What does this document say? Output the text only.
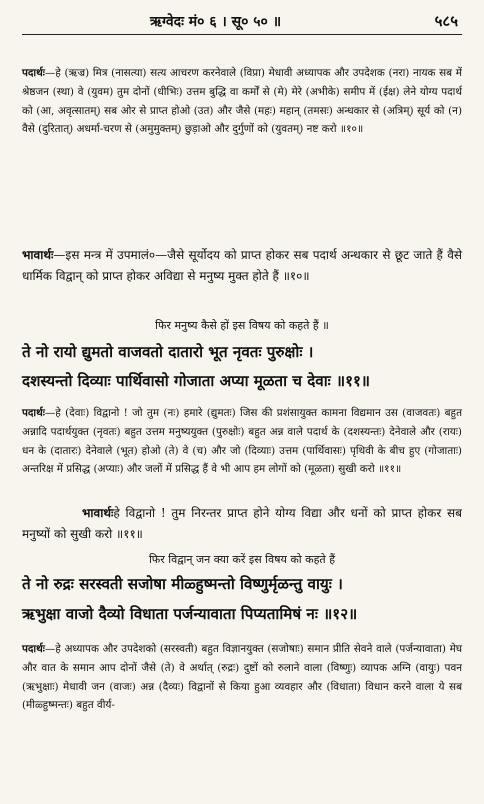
ऋग्वेदः मं० ६ । सू० ५० ॥	५८५

पदार्थः—हे (ऋज्र) मित्र (नासत्या) सत्य आचरण करनेवाले (विप्रा) मेधावी अध्यापक और उपदेशक (नरा) नायक सब में श्रेष्ठजन (स्था) वे (युवम) तुम दोनों (धीभिः) उत्तम बुद्धि वा कर्मों से (मे) मेरे (अभीके) समीप में (ईक्ष) लेने योग्य पदार्थ को (आ, अवृत्सातम्) सब ओर से प्राप्त होओ (उत) और जैसे (महः) महान् (तमसः) अन्धकार से (अत्रिम्) सूर्य को (न) वैसे (दुरितात्) अधर्मा-चरण से (अमुमुक्तम्) छुड़ाओ और दुर्गुणों को (युवतम्) नष्ट करो ॥१०॥

भावार्थः—इस मन्त्र में उपमालं०—जैसे सूर्योदय को प्राप्त होकर सब पदार्थ अन्धकार से छूट जाते हैं वैसे धार्मिक विद्वान् को प्राप्त होकर अविद्या से मनुष्य मुक्त होते हैं ॥१०॥
फिर मनुष्य कैसे हों इस विषय को कहते हैं ॥
ते नो रायो द्युमतो वाजवतो दातारो भूत नृवतः पुरुक्षोः ।
दशस्यन्तो दिव्याः पार्थिवासो गोजाता अप्या मूळता च देवाः ॥११॥

पदार्थः—हे (देवाः) विद्वानो ! जो तुम (नः) हमारे (द्युमतः) जिस की प्रशंसायुक्त कामना विद्यमान उस (वाजवतः) बहुत अन्नादि पदार्थयुक्त (नृवतः) बहुत उत्तम मनुष्ययुक्त (पुरुक्षोः) बहुत अन्न वाले पदार्थ के (दशस्यन्तः) देनेवाले और (रायः) धन के (दातारः) देनेवाले (भूत) होओ (ते) वे (च) और जो (दिव्याः) उत्तम (पार्थिवासः) पृथिवी के बीच हुए (गोजाताः) अन्तरिक्ष में प्रसिद्ध (अप्याः) और जलों में प्रसिद्ध हैं वे भी आप हम लोगों को (मूळता) सुखी करो ॥११॥

भावार्थःहे विद्वानो ! तुम निरन्तर प्राप्त होने योग्य विद्या और धनों को प्राप्त होकर सब मनुष्यों को सुखी करो ॥११॥
फिर विद्वान् जन क्या करें इस विषय को कहते हैं
ते नो रुद्रः सरस्वती सजोषा मीळ्हुष्मन्तो विष्णुर्मृळन्तु वायुः ।
ऋभुक्षा वाजो दैव्यो विधाता पर्जन्यावाता पिप्यतामिषं नः ॥१२॥

पदार्थः—हे अध्यापक और उपदेशको (सरस्वती) बहुत विज्ञानयुक्त (सजोषाः) समान प्रीति सेवने वाले (पर्जन्यावाता) मेघ और वात के समान आप दोनों जैसे (ते) वे अर्थात् (रुद्रः) दुष्टों को रुलाने वाला (विष्णुः) व्यापक अग्नि (वायुः) पवन (ऋभुक्षाः) मेधावी जन (वाजः) अन्न (दैव्यः) विद्वानों से किया हुआ व्यवहार और (विधाता) विधान करने वाला ये सब (मीळ्हुष्मन्तः) बहुत वीर्य-
